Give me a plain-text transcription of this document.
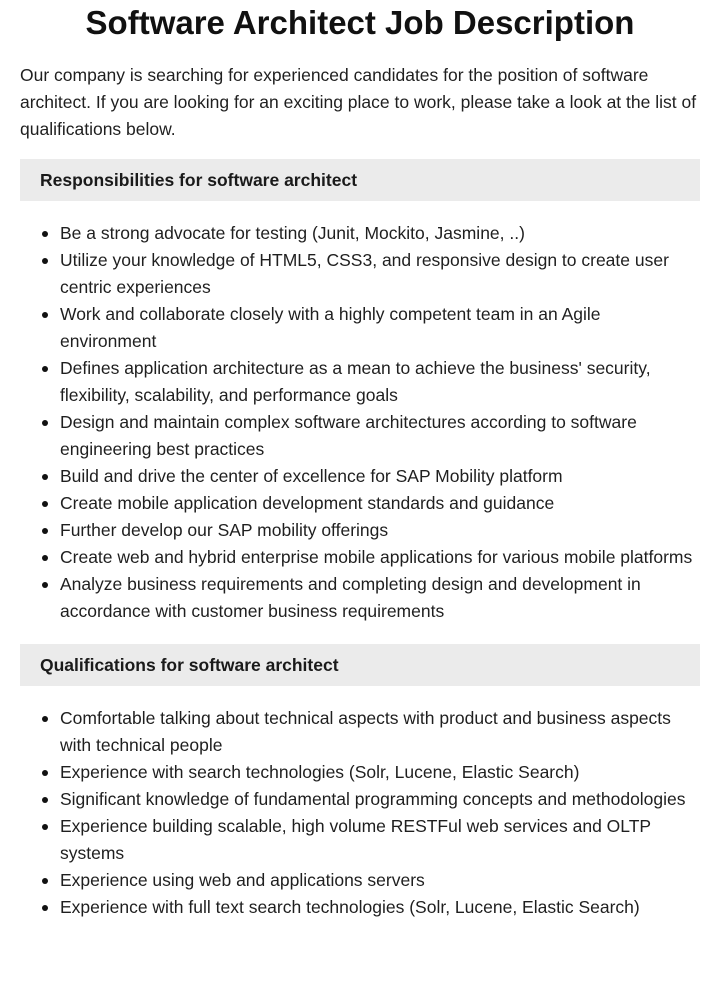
Software Architect Job Description

Our company is searching for experienced candidates for the position of software architect. If you are looking for an exciting place to work, please take a look at the list of qualifications below.

Responsibilities for software architect
Be a strong advocate for testing (Junit, Mockito, Jasmine, ..)
Utilize your knowledge of HTML5, CSS3, and responsive design to create user centric experiences
Work and collaborate closely with a highly competent team in an Agile environment
Defines application architecture as a mean to achieve the business' security, flexibility, scalability, and performance goals
Design and maintain complex software architectures according to software engineering best practices
Build and drive the center of excellence for SAP Mobility platform
Create mobile application development standards and guidance
Further develop our SAP mobility offerings
Create web and hybrid enterprise mobile applications for various mobile platforms
Analyze business requirements and completing design and development in accordance with customer business requirements
Qualifications for software architect
Comfortable talking about technical aspects with product and business aspects with technical people
Experience with search technologies (Solr, Lucene, Elastic Search)
Significant knowledge of fundamental programming concepts and methodologies
Experience building scalable, high volume RESTFul web services and OLTP systems
Experience using web and applications servers
Experience with full text search technologies (Solr, Lucene, Elastic Search)
